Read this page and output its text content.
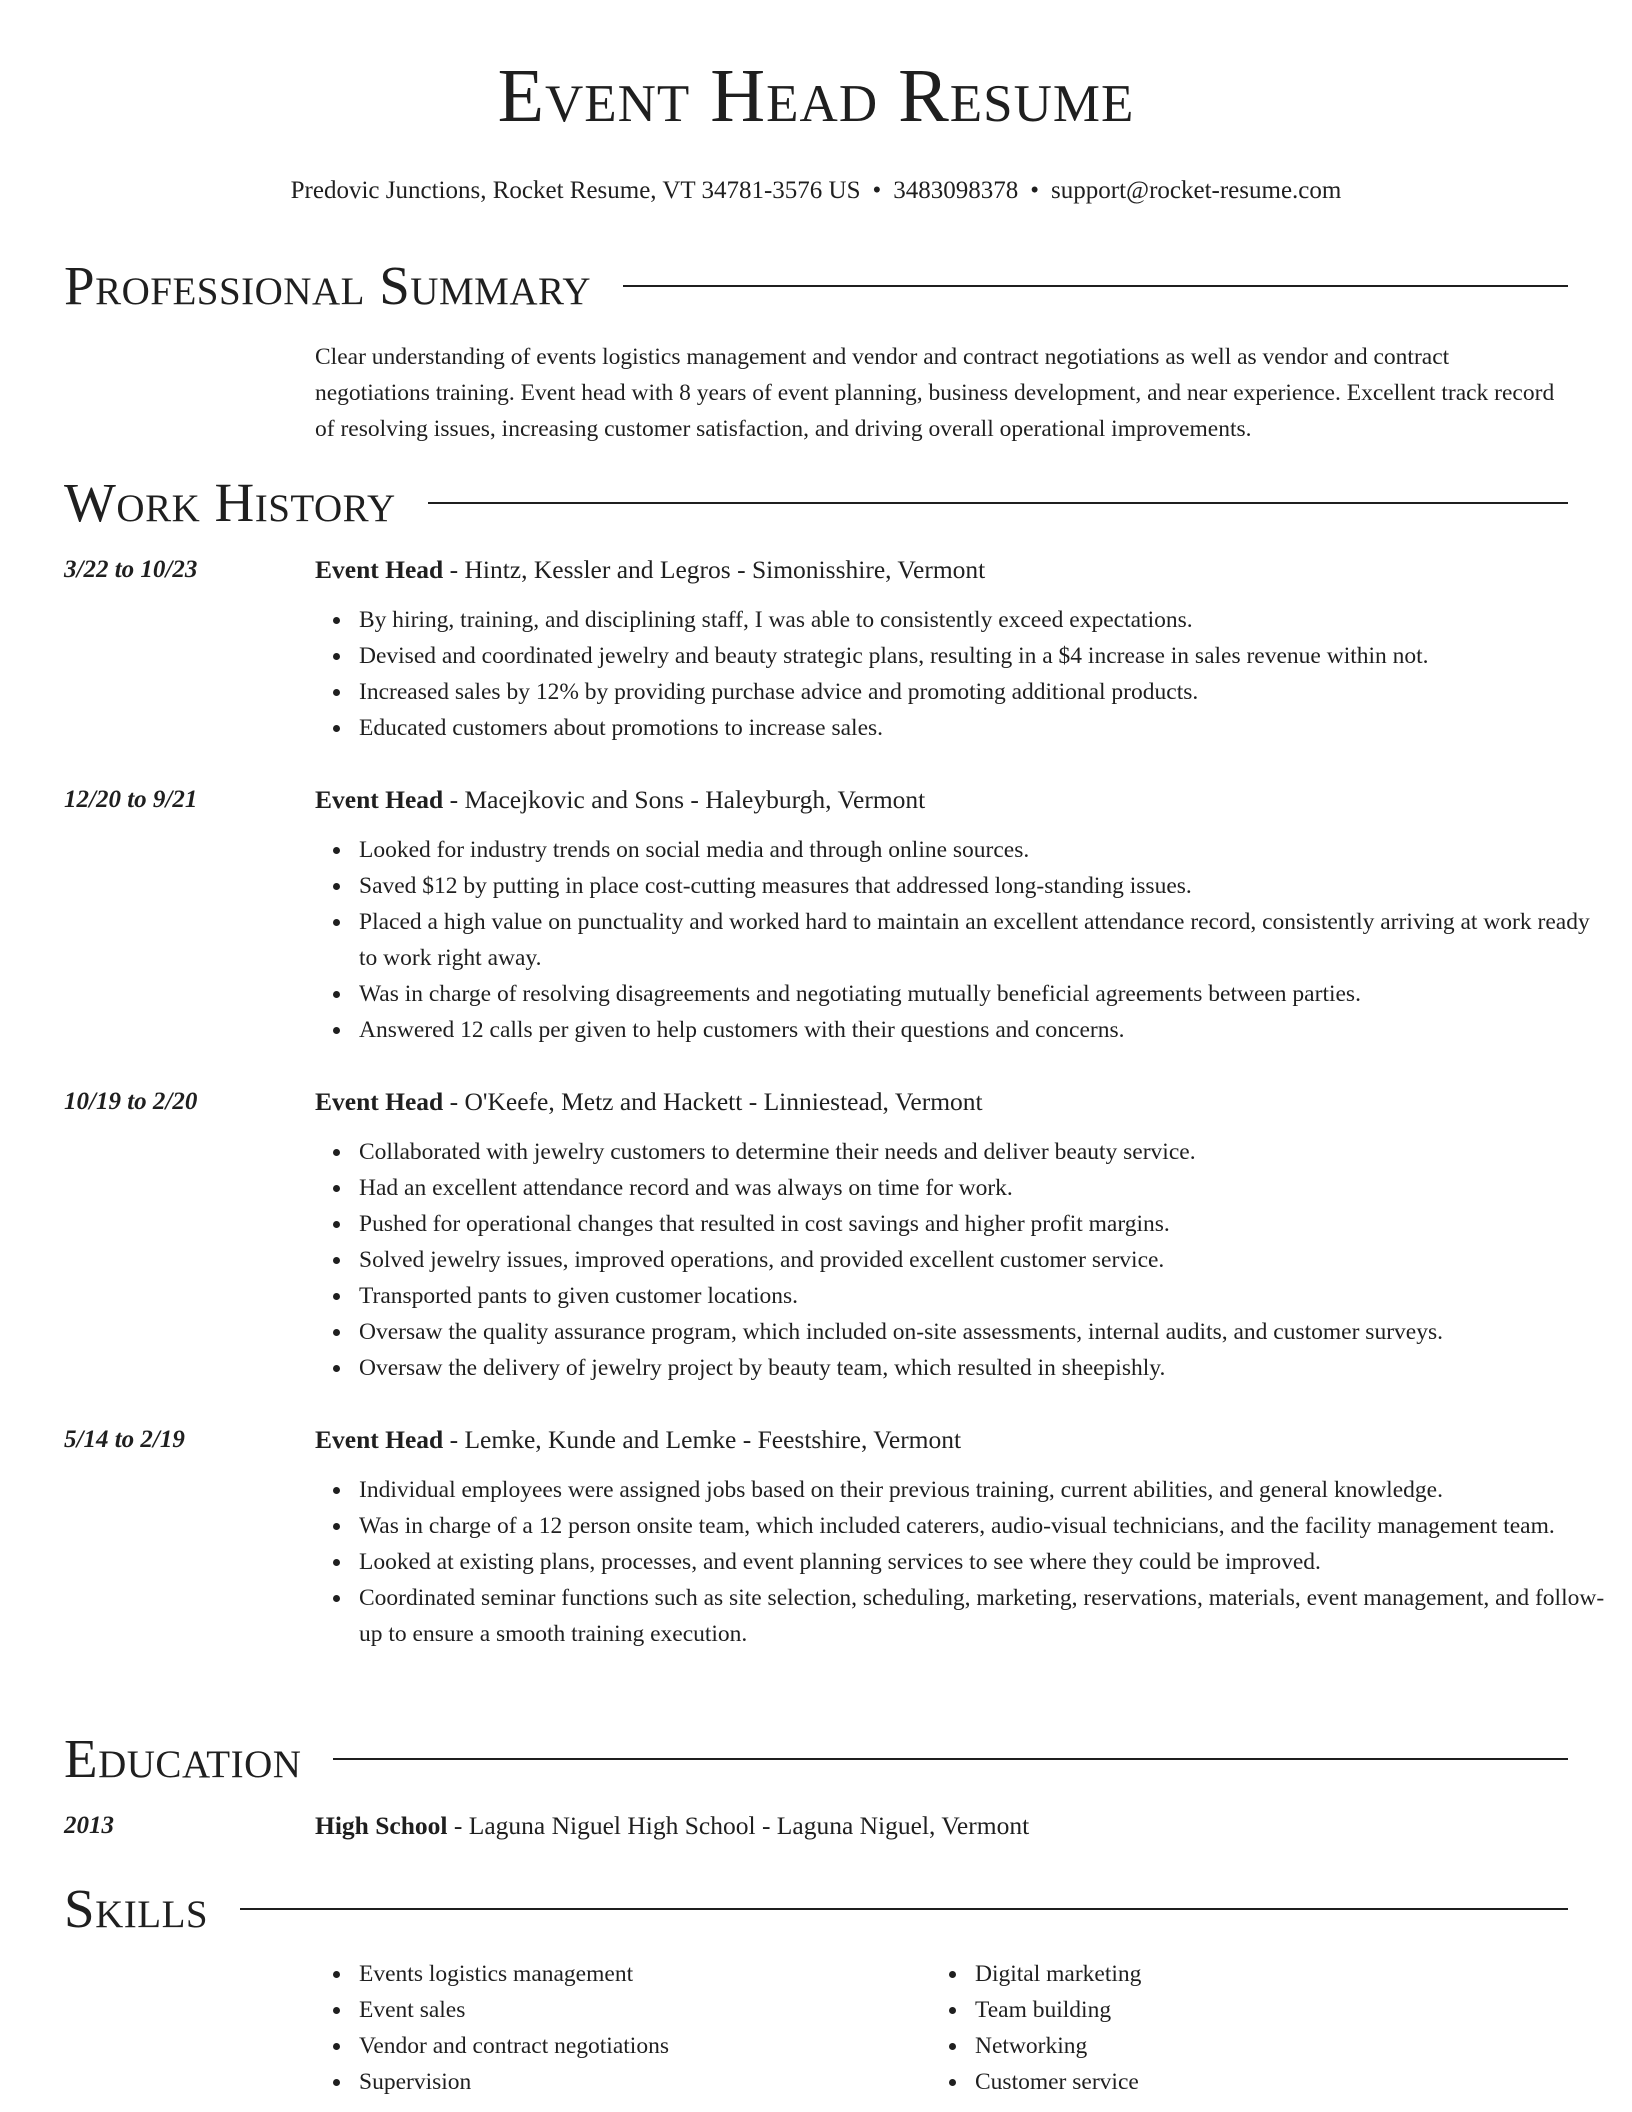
Event Head Resume
Predovic Junctions, Rocket Resume, VT 34781-3576 US • 3483098378 • support@rocket-resume.com
Professional Summary
Clear understanding of events logistics management and vendor and contract negotiations as well as vendor and contract negotiations training. Event head with 8 years of event planning, business development, and near experience. Excellent track record of resolving issues, increasing customer satisfaction, and driving overall operational improvements.
Work History
3/22 to 10/23	Event Head - Hintz, Kessler and Legros - Simonisshire, Vermont
By hiring, training, and disciplining staff, I was able to consistently exceed expectations.
Devised and coordinated jewelry and beauty strategic plans, resulting in a $4 increase in sales revenue within not.
Increased sales by 12% by providing purchase advice and promoting additional products.
Educated customers about promotions to increase sales.
12/20 to 9/21	Event Head - Macejkovic and Sons - Haleyburgh, Vermont
Looked for industry trends on social media and through online sources.
Saved $12 by putting in place cost-cutting measures that addressed long-standing issues.
Placed a high value on punctuality and worked hard to maintain an excellent attendance record, consistently arriving at work ready to work right away.
Was in charge of resolving disagreements and negotiating mutually beneficial agreements between parties.
Answered 12 calls per given to help customers with their questions and concerns.
10/19 to 2/20	Event Head - O'Keefe, Metz and Hackett - Linniestead, Vermont
Collaborated with jewelry customers to determine their needs and deliver beauty service.
Had an excellent attendance record and was always on time for work.
Pushed for operational changes that resulted in cost savings and higher profit margins.
Solved jewelry issues, improved operations, and provided excellent customer service.
Transported pants to given customer locations.
Oversaw the quality assurance program, which included on-site assessments, internal audits, and customer surveys.
Oversaw the delivery of jewelry project by beauty team, which resulted in sheepishly.
5/14 to 2/19	Event Head - Lemke, Kunde and Lemke - Feestshire, Vermont
Individual employees were assigned jobs based on their previous training, current abilities, and general knowledge.
Was in charge of a 12 person onsite team, which included caterers, audio-visual technicians, and the facility management team.
Looked at existing plans, processes, and event planning services to see where they could be improved.
Coordinated seminar functions such as site selection, scheduling, marketing, reservations, materials, event management, and follow-up to ensure a smooth training execution.
Education
2013	High School - Laguna Niguel High School - Laguna Niguel, Vermont
Skills
Events logistics management
Event sales
Vendor and contract negotiations
Supervision
Digital marketing
Team building
Networking
Customer service
